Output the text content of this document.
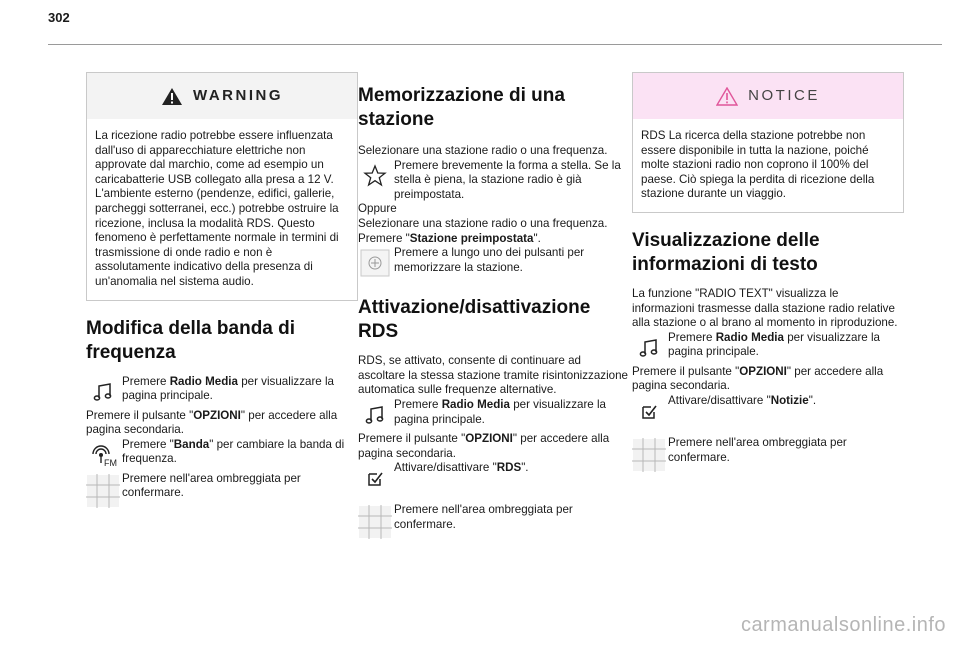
302
WARNING

La ricezione radio potrebbe essere influenzata dall'uso di apparecchiature elettriche non approvate dal marchio, come ad esempio un caricabatterie USB collegato alla presa a 12 V. L'ambiente esterno (pendenze, edifici, gallerie, parcheggi sotterranei, ecc.) potrebbe ostruire la ricezione, inclusa la modalità RDS. Questo fenomeno è perfettamente normale in termini di trasmissione di onde radio e non è assolutamente indicativo della presenza di un'anomalia nel sistema audio.

Modifica della banda di frequenza

Premere Radio Media per visualizzare la pagina principale.

Premere il pulsante "OPZIONI" per accedere alla pagina secondaria.

FM

Premere "Banda" per cambiare la banda di frequenza.

Premere nell'area ombreggiata per confermare.

Memorizzazione di una stazione

Selezionare una stazione radio o una frequenza.

Premere brevemente la forma a stella. Se la stella è piena, la stazione radio è già preimpostata.

Oppure

Selezionare una stazione radio o una frequenza.

Premere "Stazione preimpostata".

Premere a lungo uno dei pulsanti per memorizzare la stazione.

Attivazione/disattivazione RDS

RDS, se attivato, consente di continuare ad ascoltare la stessa stazione tramite risintonizzazione automatica sulle frequenze alternative.

Premere Radio Media per visualizzare la pagina principale.

Premere il pulsante "OPZIONI" per accedere alla pagina secondaria.

Attivare/disattivare "RDS".

Premere nell'area ombreggiata per confermare.

NOTICE

RDS La ricerca della stazione potrebbe non essere disponibile in tutta la nazione, poiché molte stazioni radio non coprono il 100% del paese. Ciò spiega la perdita di ricezione della stazione durante un viaggio.

Visualizzazione delle informazioni di testo

La funzione "RADIO TEXT" visualizza le informazioni trasmesse dalla stazione radio relative alla stazione o al brano al momento in riproduzione.

Premere Radio Media per visualizzare la pagina principale.

Premere il pulsante "OPZIONI" per accedere alla pagina secondaria.

Attivare/disattivare "Notizie".

Premere nell'area ombreggiata per confermare.

carmanualsonline.info
